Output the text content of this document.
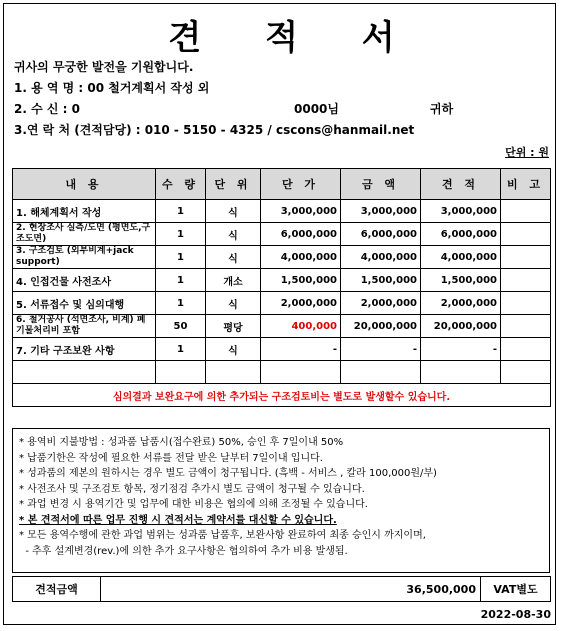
견 적 서
귀사의 무궁한 발전을 기원합니다.
1. 용 역 명 : 00 철거계획서 작성 외
2. 수 신 : 0	0000님	귀하
3.연 락 처 (견적담당) : 010 - 5150 - 4325 / cscons@hanmail.net
단위 : 원
내 용	수 량	단 위	단 가	금 액	견 적	비 고
1. 해체계획서 작성	1	식	3,000,000	3,000,000	3,000,000	
2. 현장조사 실측/도면 (평면도,구조도면)	1	식	6,000,000	6,000,000	6,000,000	
3. 구조검토 (외부비계+jack support)	1	식	4,000,000	4,000,000	4,000,000	
4. 인접건물 사전조사	1	개소	1,500,000	1,500,000	1,500,000	
5. 서류접수 및 심의대행	1	식	2,000,000	2,000,000	2,000,000	
6. 철거공사 (석면조사, 비계) 폐기물처리비 포함	50	평당	400,000	20,000,000	20,000,000	
7. 기타 구조보완 사항	1	식	-	-	-	

심의결과 보완요구에 의한 추가되는 구조검토비는 별도로 발생할수 있습니다.						
* 용역비 지불방법 : 성과품 납품시(접수완료) 50%, 승인 후 7일이내 50%
* 납품기한은 작성에 필요한 서류를 전달 받은 날부터 7일이내 입니다.
* 성과품의 제본의 원하시는 경우 별도 금액이 청구됩니다. (흑백 - 서비스 , 칼라 100,000원/부)
* 사전조사 및 구조검토 항목, 정기점검 추가시 별도 금액이 청구될 수 있습니다.
* 과업 변경 시 용역기간 및 업무에 대한 비용은 협의에 의해 조정될 수 있습니다.
* 본 견적서에 따른 업무 진행 시 견적서는 계약서를 대신할 수 있습니다.
* 모든 용역수행에 관한 과업 범위는 성과품 납품후, 보완사항 완료하여 최종 승인시 까지이며,
- 추후 설계변경(rev.)에 의한 추가 요구사항은 협의하여 추가 비용 발생됨.
견적금액	36,500,000	VAT별도
2022-08-30
